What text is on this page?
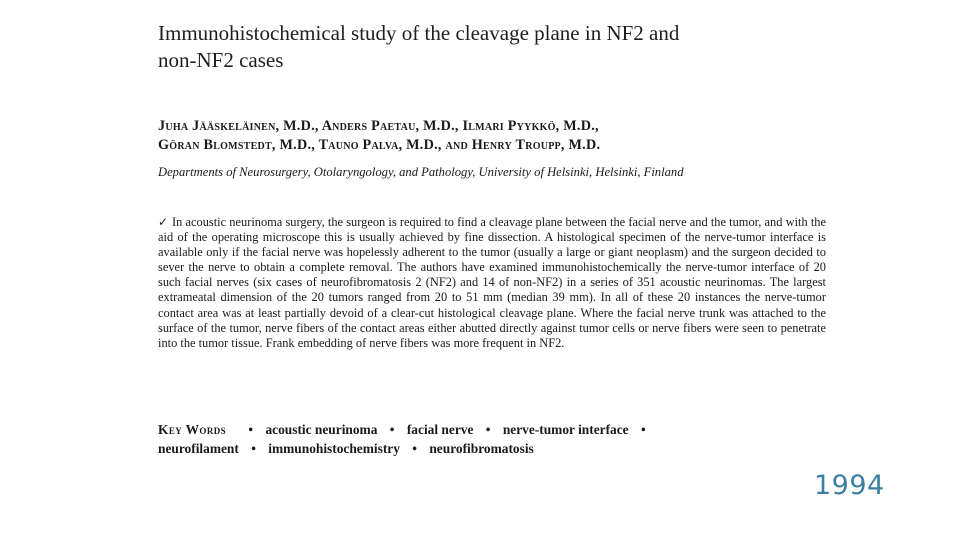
Immunohistochemical study of the cleavage plane in NF2 and
non-NF2 cases
Juha Jääskeläinen, M.D., Anders Paetau, M.D., Ilmari Pyykkö, M.D.,
Göran Blomstedt, M.D., Tauno Palva, M.D., and Henry Troupp, M.D.
Departments of Neurosurgery, Otolaryngology, and Pathology, University of Helsinki, Helsinki, Finland
✓ In acoustic neurinoma surgery, the surgeon is required to find a cleavage plane between the facial nerve and the tumor, and with the aid of the operating microscope this is usually achieved by fine dissection. A histological specimen of the nerve-tumor interface is available only if the facial nerve was hopelessly adherent to the tumor (usually a large or giant neoplasm) and the surgeon decided to sever the nerve to obtain a complete removal. The authors have examined immunohistochemically the nerve-tumor interface of 20 such facial nerves (six cases of neurofibromatosis 2 (NF2) and 14 of non-NF2) in a series of 351 acoustic neurinomas. The largest extrameatal dimension of the 20 tumors ranged from 20 to 51 mm (median 39 mm). In all of these 20 instances the nerve-tumor contact area was at least partially devoid of a clear-cut histological cleavage plane. Where the facial nerve trunk was attached to the surface of the tumor, nerve fibers of the contact areas either abutted directly against tumor cells or nerve fibers were seen to penetrate into the tumor tissue. Frank embedding of nerve fibers was more frequent in NF2.
Key Words • acoustic neurinoma • facial nerve • nerve-tumor interface •
neurofilament • immunohistochemistry • neurofibromatosis
1994
